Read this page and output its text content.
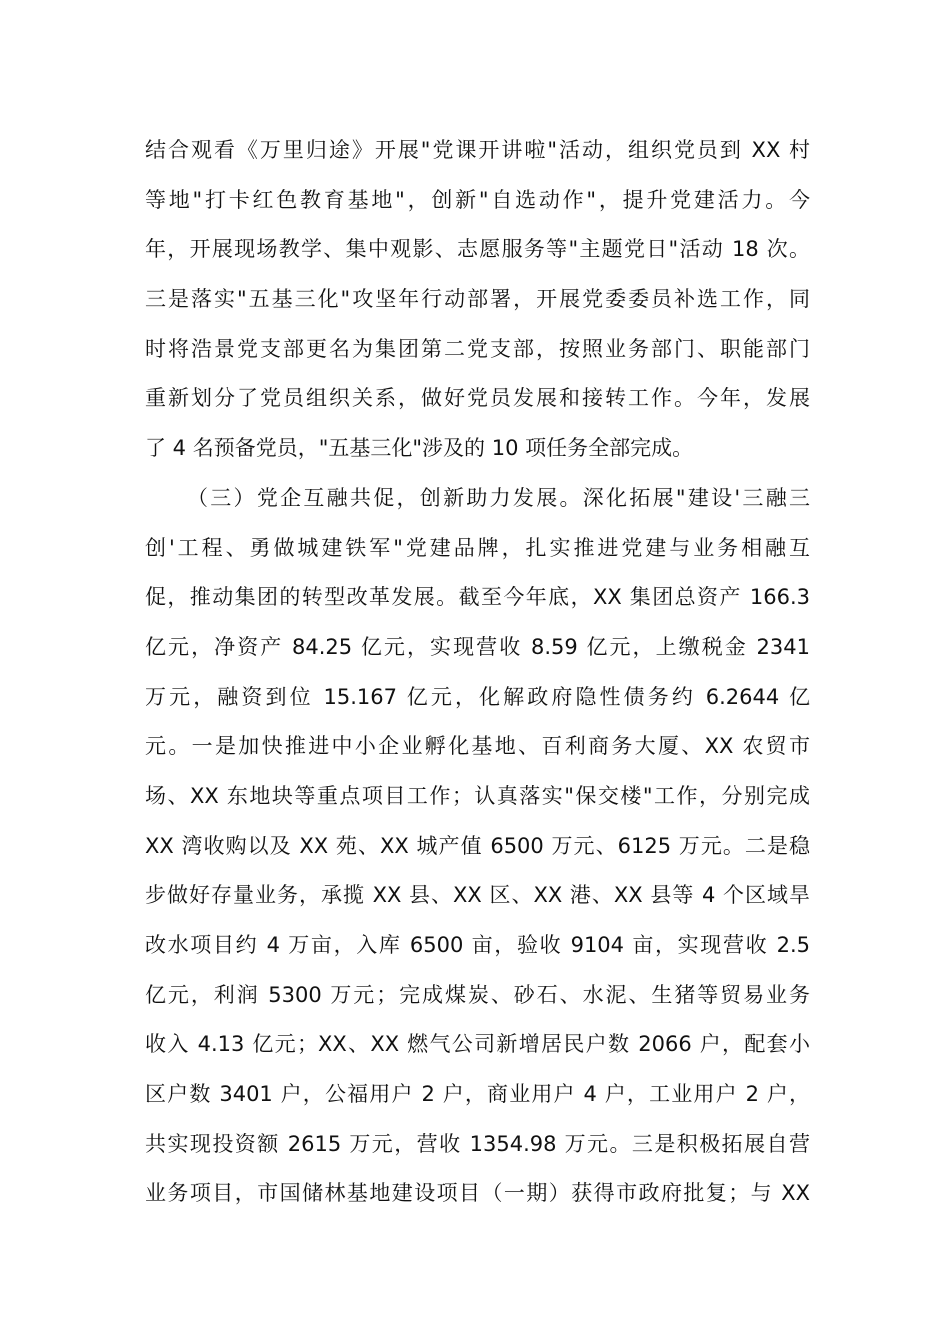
结合观看《万里归途》开展"党课开讲啦"活动，组织党员到 XX 村
等地"打卡红色教育基地"，创新"自选动作"，提升党建活力。今
年，开展现场教学、集中观影、志愿服务等"主题党日"活动 18 次。
三是落实"五基三化"攻坚年行动部署，开展党委委员补选工作，同
时将浩景党支部更名为集团第二党支部，按照业务部门、职能部门
重新划分了党员组织关系，做好党员发展和接转工作。今年，发展
了 4 名预备党员，"五基三化"涉及的 10 项任务全部完成。
（三）党企互融共促，创新助力发展。深化拓展"建设'三融三
创'工程、勇做城建铁军"党建品牌，扎实推进党建与业务相融互
促，推动集团的转型改革发展。截至今年底，XX 集团总资产 166.3
亿元，净资产 84.25 亿元，实现营收 8.59 亿元，上缴税金 2341
万元，融资到位 15.167 亿元，化解政府隐性债务约 6.2644 亿
元。一是加快推进中小企业孵化基地、百利商务大厦、XX 农贸市
场、XX 东地块等重点项目工作；认真落实"保交楼"工作，分别完成
XX 湾收购以及 XX 苑、XX 城产值 6500 万元、6125 万元。二是稳
步做好存量业务，承揽 XX 县、XX 区、XX 港、XX 县等 4 个区域旱
改水项目约 4 万亩，入库 6500 亩，验收 9104 亩，实现营收 2.5
亿元，利润 5300 万元；完成煤炭、砂石、水泥、生猪等贸易业务
收入 4.13 亿元；XX、XX 燃气公司新增居民户数 2066 户，配套小
区户数 3401 户，公福用户 2 户，商业用户 4 户，工业用户 2 户，
共实现投资额 2615 万元，营收 1354.98 万元。三是积极拓展自营
业务项目，市国储林基地建设项目（一期）获得市政府批复；与 XX
